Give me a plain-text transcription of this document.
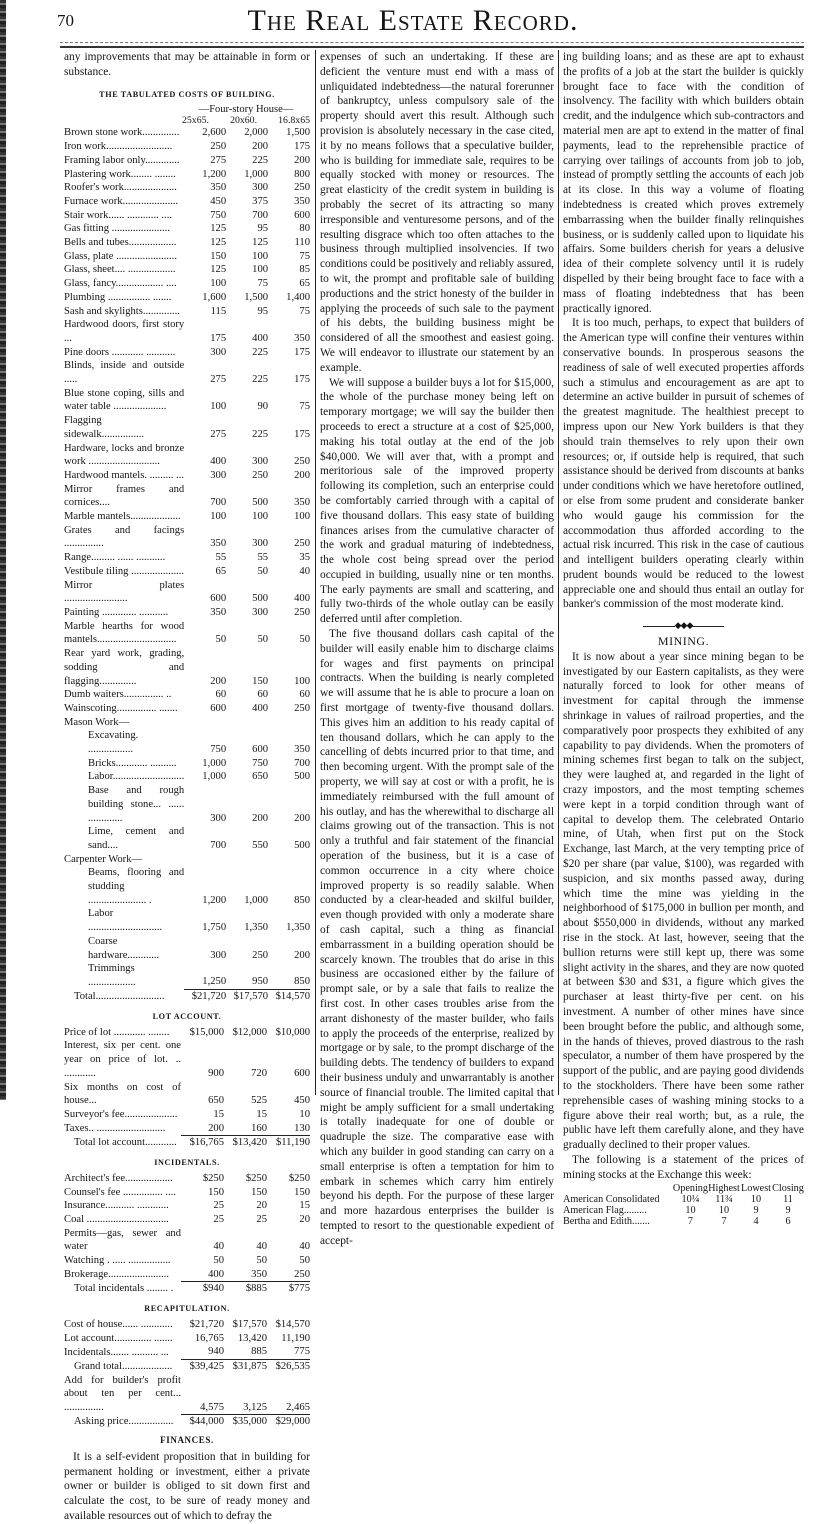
70	The Real Estate Record.

any improvements that may be attainable in form or substance.

THE TABULATED COSTS OF BUILDING.
—Four-story House—
25x65. 20x60. 16.8x65
Brown stone work..............	2,600	2,000	1,500
Iron work.........................	250	200	175
Framing labor only.............	275	225	200
Plastering work........ ........	1,200	1,000	800
Roofer's work....................	350	300	250
Furnace work.....................	450	375	350
Stair work...... ............ ....	750	700	600
Gas fitting ......................	125	95	80
Bells and tubes..................	125	125	110
Glass, plate .......................	150	100	75
Glass, sheet.... ..................	125	100	85
Glass, fancy.................. ....	100	75	65
Plumbing ................ .......	1,600	1,500	1,400
Sash and skylights..............	115	95	75
Hardwood doors, first story ...	175	400	350
Pine doors ............ ...........	300	225	175
Blinds, inside and outside .....	275	225	175
Blue stone coping, sills and water table ....................	100	90	75
Flagging sidewalk................	275	225	175
Hardware, locks and bronze work ...........................	400	300	250
Hardwood mantels. ......... ...	300	250	200
Mirror frames and cornices....	700	500	350
Marble mantels...................	100	100	100
Grates and facings ...............	350	300	250
Range......... ...... ...........	55	55	35
Vestibule tiling ....................	65	50	40
Mirror plates ........................	600	500	400
Painting ............. ...........	350	300	250
Marble hearths for wood mantels..............................	50	50	50
Rear yard work, grading, sodding and flagging..............	200	150	100
Dumb waiters............... ..	60	60	60
Wainscoting............... .......	600	400	250
Mason Work—			
Excavating. .................	750	600	350
Bricks............ ..........	1,000	750	700
Labor...........................	1,000	650	500
Base and rough building stone... ...... .............	300	200	200
Lime, cement and sand....	700	550	500
Carpenter Work—			
Beams, flooring and studding ...................... .	1,200	1,000	850
Labor ............................	1,750	1,350	1,350
Coarse hardware............	300	250	200
Trimmings ..................	1,250	950	850
Total..........................	$21,720	$17,570	$14,570
LOT ACCOUNT.
Price of lot ............ ........	$15,000	$12,000	$10,000
Interest, six per cent. one year on price of lot. .. ............	900	720	600
Six months on cost of house...	650	525	450
Surveyor's fee....................	15	15	10
Taxes.. ..........................	200	160	130
Total lot account............	$16,765	$13,420	$11,190
INCIDENTALS.
Architect's fee..................	$250	$250	$250
Counsel's fee ............... ....	150	150	150
Insurance........... ............	25	20	15
Coal ...............................	25	25	20
Permits—gas, sewer and water	40	40	40
Watching . ..... ................	50	50	50
Brokerage.......................	400	350	250
Total incidentals ........ .	$940	$885	$775
RECAPITULATION.
Cost of house...... ............	$21,720	$17,570	$14,570
Lot account.............. .......	16,765	13,420	11,190
Incidentals....... .......... ...	940	885	775
Grand total...................	$39,425	$31,875	$26,535
Add for builder's profit about ten per cent... ...............	4,575	3,125	2,465
Asking price.................	$44,000	$35,000	$29,000
FINANCES.

It is a self-evident proposition that in building for permanent holding or investment, either a private owner or builder is obliged to sit down first and calculate the cost, to be sure of ready money and available resources out of which to defray the

expenses of such an undertaking. If these are deficient the venture must end with a mass of unliquidated indebtedness—the natural forerunner of bankruptcy, unless compulsory sale of the property should avert this result. Although such provision is absolutely necessary in the case cited, it by no means follows that a speculative builder, who is building for immediate sale, requires to be equally stocked with money or resources. The great elasticity of the credit system in building is probably the secret of its attracting so many irresponsible and venturesome persons, and of the resulting disgrace which too often attaches to the business through multiplied insolvencies. If two conditions could be positively and reliably assured, to wit, the prompt and profitable sale of building productions and the strict honesty of the builder in applying the proceeds of such sale to the payment of his debts, the building business might be considered of all the smoothest and easiest going. We will endeavor to illustrate our statement by an example.

We will suppose a builder buys a lot for $15,000, the whole of the purchase money being left on temporary mortgage; we will say the builder then proceeds to erect a structure at a cost of $25,000, making his total outlay at the end of the job $40,000. We will aver that, with a prompt and meritorious sale of the improved property following its completion, such an enterprise could be comfortably carried through with a capital of five thousand dollars. This easy state of building finances arises from the cumulative character of the work and gradual maturing of indebtedness, the whole cost being spread over the period occupied in building, usually nine or ten months. The early payments are small and scattering, and fully two-thirds of the whole outlay can be easily deferred until after completion.

The five thousand dollars cash capital of the builder will easily enable him to discharge claims for wages and first payments on principal contracts. When the building is nearly completed we will assume that he is able to procure a loan on first mortgage of twenty-five thousand dollars. This gives him an addition to his ready capital of ten thousand dollars, which he can apply to the cancelling of debts incurred prior to that time, and then becoming urgent. With the prompt sale of the property, we will say at cost or with a profit, he is immediately reimbursed with the full amount of his outlay, and has the wherewithal to discharge all claims growing out of the transaction. This is not only a truthful and fair statement of the financial operation of the business, but it is a case of common occurrence in a city where choice improved property is so readily salable. When conducted by a clear-headed and skilful builder, even though provided with only a moderate share of cash capital, such a thing as financial embarrassment in a building operation should be scarcely known. The troubles that do arise in this business are occasioned either by the failure of prompt sale, or by a sale that fails to realize the first cost. In other cases troubles arise from the arrant dishonesty of the master builder, who fails to apply the proceeds of the enterprise, realized by mortgage or by sale, to the prompt discharge of the building debts. The tendency of builders to expand their business unduly and unwarrantably is another source of financial trouble. The limited capital that might be amply sufficient for a small undertaking is totally inadequate for one of double or quadruple the size. The comparative ease with which any builder in good standing can carry on a small enterprise is often a temptation for him to embark in schemes which carry him entirely beyond his depth. For the purpose of these larger and more hazardous enterprises the builder is tempted to resort to the questionable expedient of accept-

ing building loans; and as these are apt to exhaust the profits of a job at the start the builder is quickly brought face to face with the condition of insolvency. The facility with which builders obtain credit, and the indulgence which sub-contractors and material men are apt to extend in the matter of final payments, lead to the reprehensible practice of carrying over tailings of accounts from job to job, instead of promptly settling the accounts of each job at its close. In this way a volume of floating indebtedness is created which proves extremely embarrassing when the builder finally relinquishes business, or is suddenly called upon to liquidate his affairs. Some builders cherish for years a delusive idea of their complete solvency until it is rudely dispelled by their being brought face to face with a mass of floating indebtedness that has been practically ignored.

It is too much, perhaps, to expect that builders of the American type will confine their ventures within conservative bounds. In prosperous seasons the readiness of sale of well executed properties affords such a stimulus and encouragement as are apt to determine an active builder in pursuit of schemes of the greatest magnitude. The healthiest precept to impress upon our New York builders is that they should train themselves to rely upon their own resources; or, if outside help is required, that such assistance should be derived from discounts at banks under conditions which we have heretofore outlined, or else from some prudent and considerate banker who would gauge his commission for the accommodation thus afforded according to the actual risk incurred. This risk in the case of cautious and intelligent builders operating clearly within prudent bounds would be reduced to the lowest appreciable one and should thus entail an outlay for banker's commission of the most moderate kind.

◆◆◆
MINING.

It is now about a year since mining began to be investigated by our Eastern capitalists, as they were naturally forced to look for other means of investment for capital through the immense shrinkage in values of railroad properties, and the comparatively poor prospects they exhibited of any capability to pay dividends. When the promoters of mining schemes first began to talk on the subject, they were laughed at, and regarded in the light of crazy impostors, and the most tempting schemes were kept in a torpid condition through want of capital to develop them. The celebrated Ontario mine, of Utah, when first put on the Stock Exchange, last March, at the very tempting price of $20 per share (par value, $100), was regarded with suspicion, and six months passed away, during which time the mine was yielding in the neighborhood of $175,000 in bullion per month, and about $550,000 in dividends, without any marked rise in the stock. At last, however, seeing that the bullion returns were still kept up, there was some slight activity in the shares, and they are now quoted at between $30 and $31, a figure which gives the purchaser at least thirty-five per cent. on his investment. A number of other mines have since been brought before the public, and although some, in the hands of thieves, proved diastrous to the rash speculator, a number of them have prospered by the support of the public, and are paying good dividends to the stockholders. There have been some rather reprehensible cases of washing mining stocks to a figure above their real worth; but, as a rule, the public have left them carefully alone, and they have gradually declined to their proper values.

The following is a statement of the prices of mining stocks at the Exchange this week:

	Opening	Highest	Lowest	Closing
American Consolidated	10¼	11¾	10	11
American Flag.........	10	10	9	9
Bertha and Edith.......	7	7	4	6
